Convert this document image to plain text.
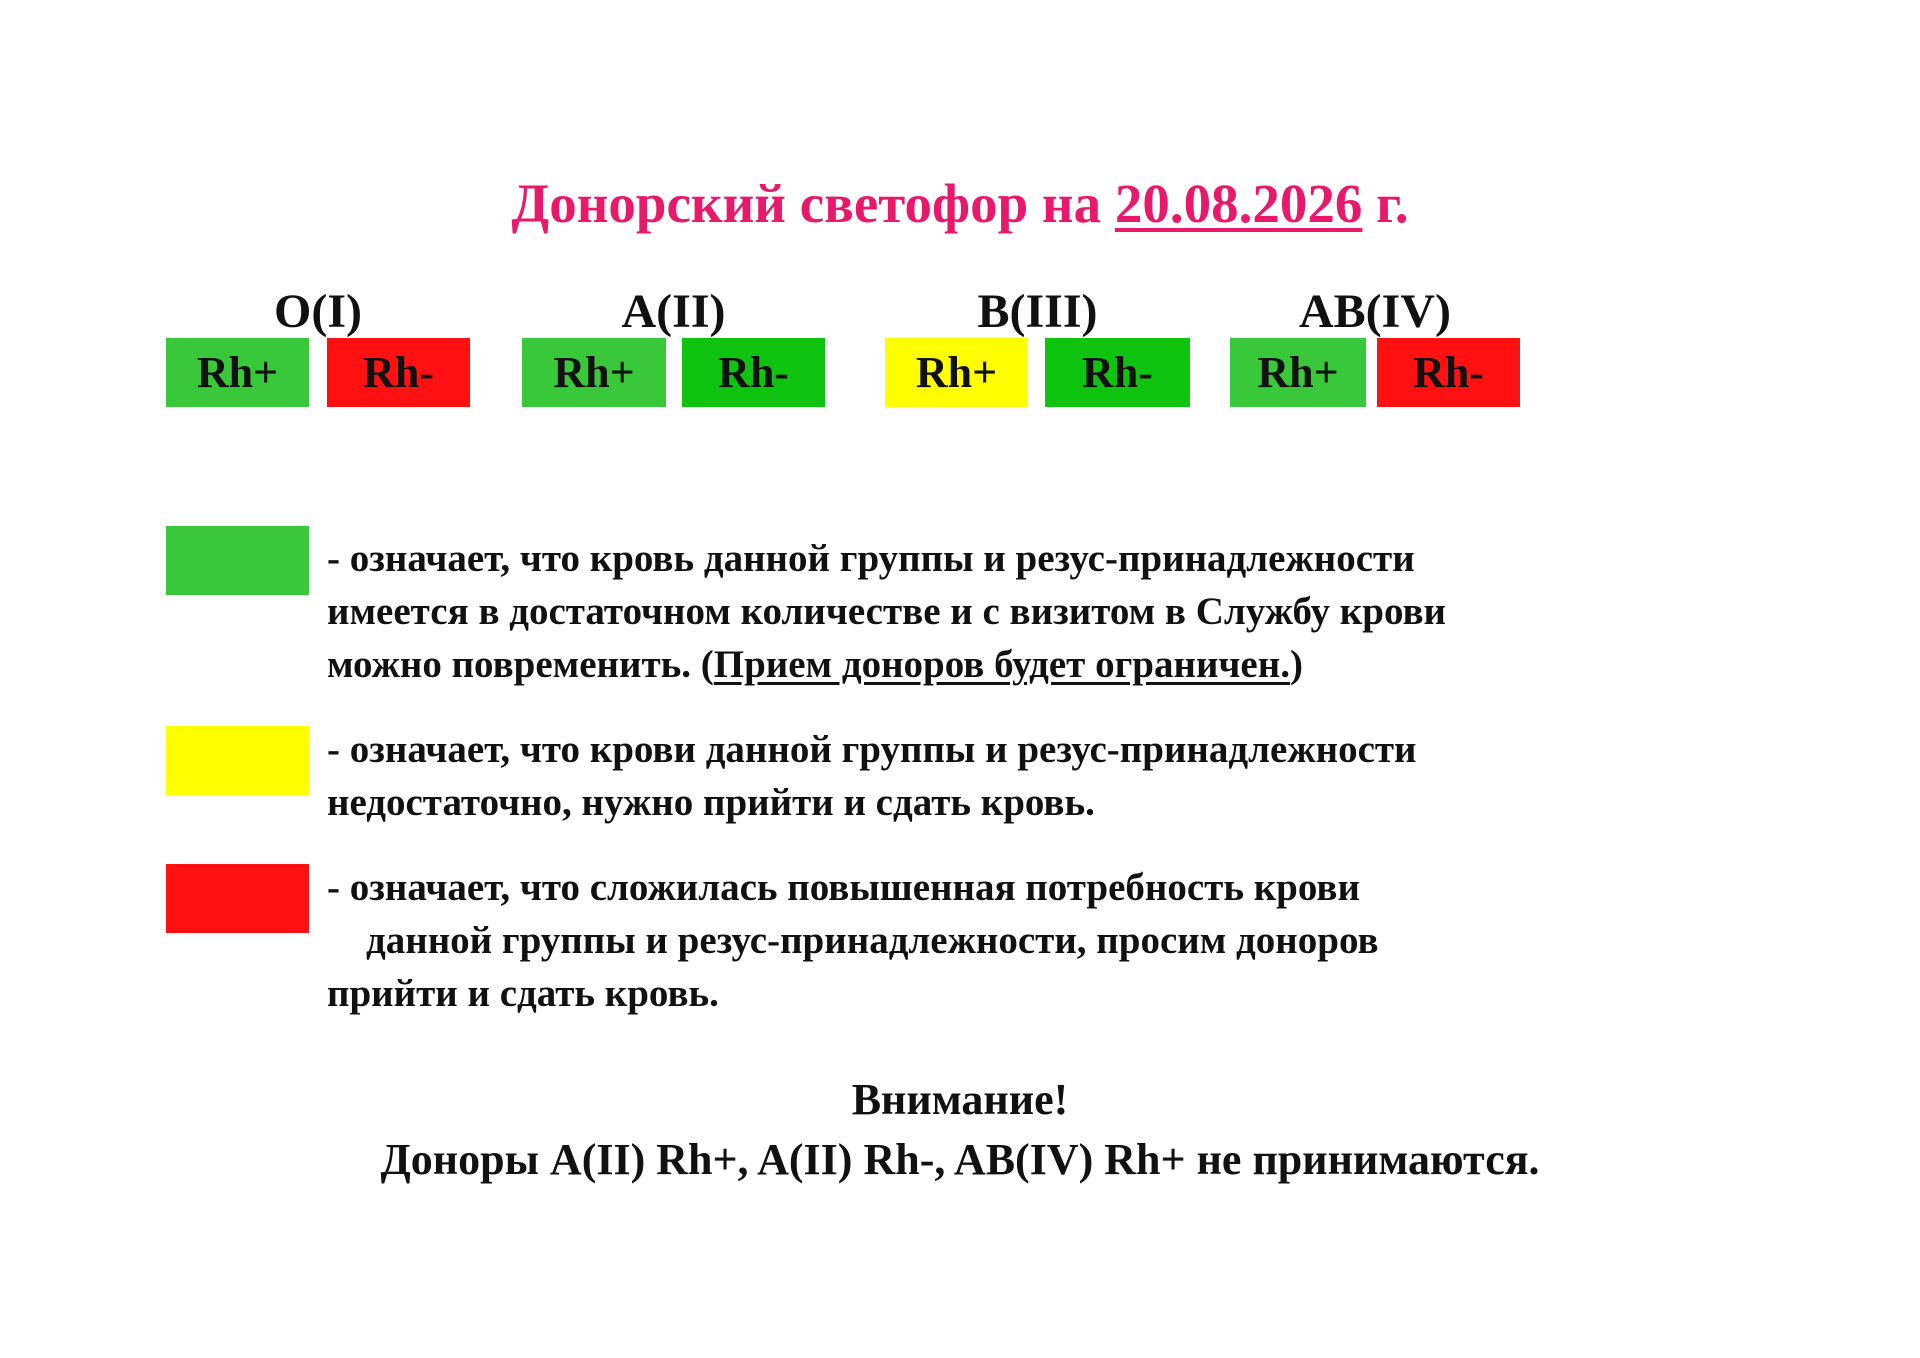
Донорский светофор на 20.08.2026 г.
O(I)
Rh+	Rh-
A(II)
Rh+	Rh-
B(III)
Rh+	Rh-
AB(IV)
Rh+	Rh-
- означает, что кровь данной группы и резус-принадлежности
имеется в достаточном количестве и с визитом в Службу крови
можно повременить. (Прием доноров будет ограничен.)
- означает, что крови данной группы и резус-принадлежности
недостаточно, нужно прийти и сдать кровь.
- означает, что сложилась повышенная потребность крови
данной группы и резус-принадлежности, просим доноров
прийти и сдать кровь.
Внимание!
Доноры A(II) Rh+, A(II) Rh-, AB(IV) Rh+ не принимаются.
